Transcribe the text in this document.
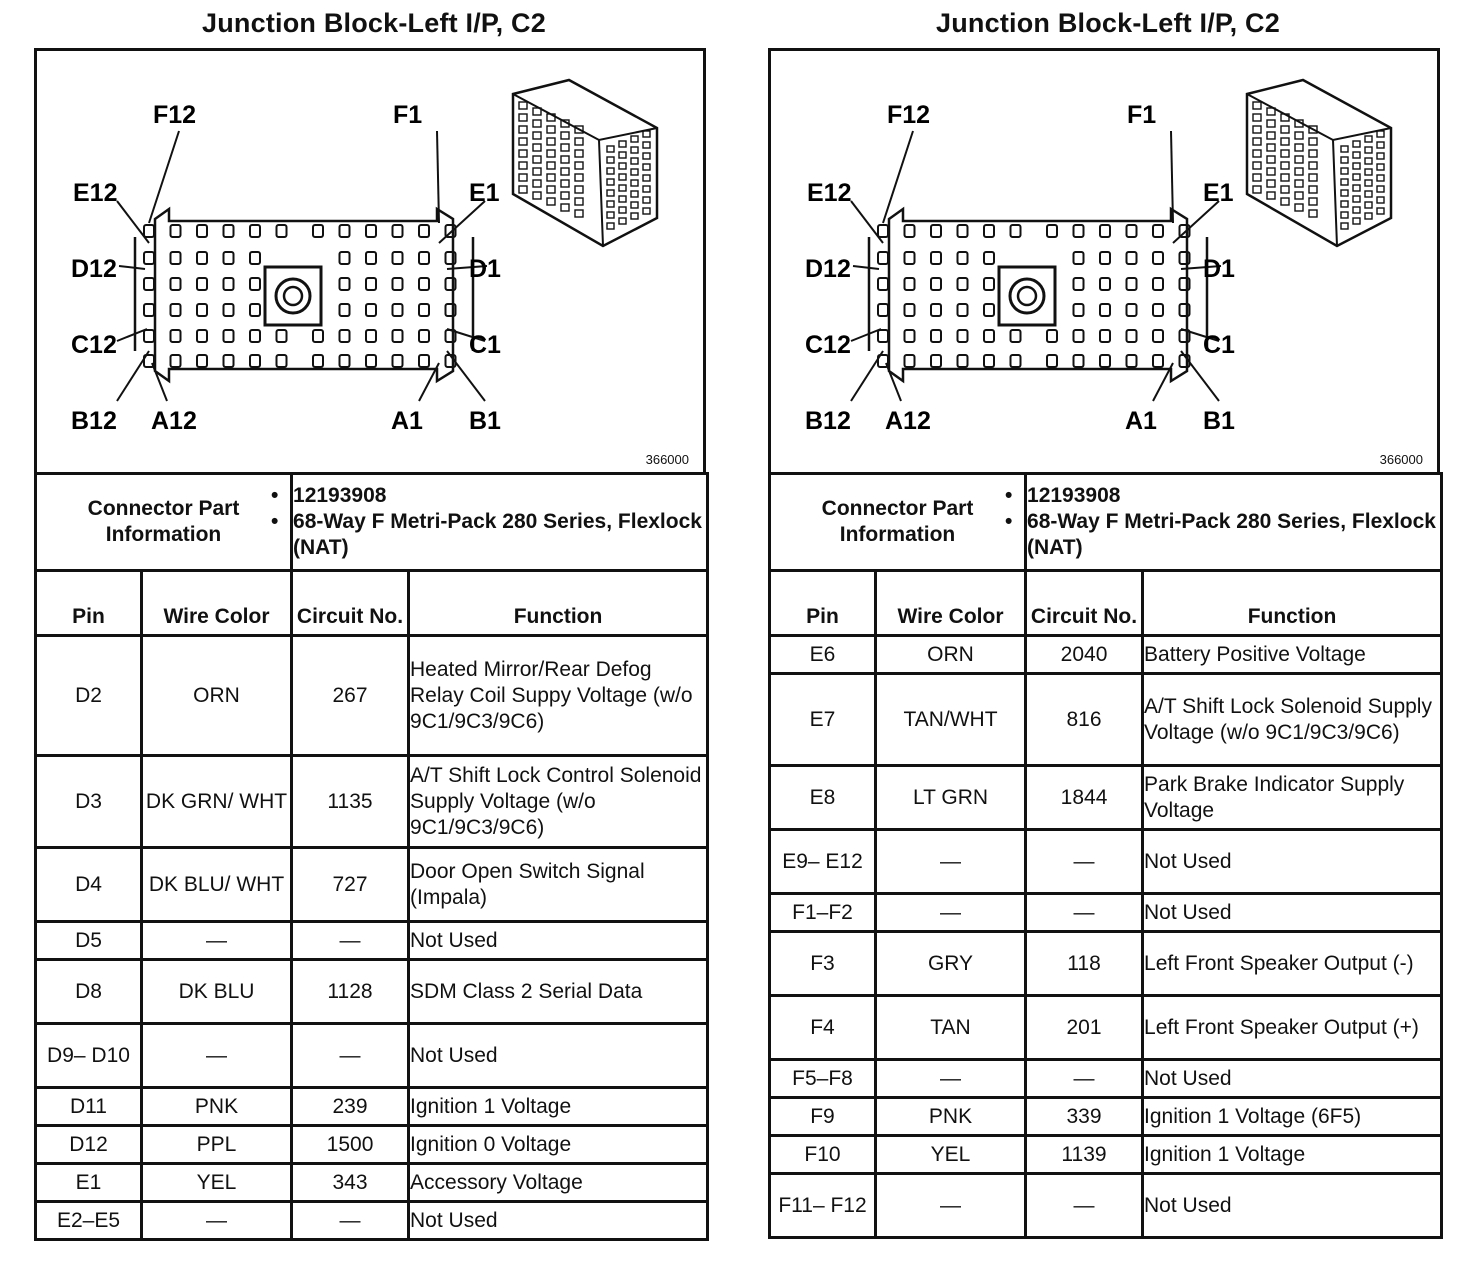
Junction Block-Left I/P, C2
F12	F1
E12	E1
D12	D1
C12	C1
B12 A12	A1 B1
366000
Connector Part Information		• 12193908
• 68-Way F Metri-Pack 280 Series, Flexlock (NAT)

Pin	Wire Color	Circuit No.	Function
D2	ORN	267	Heated Mirror/Rear Defog Relay Coil Suppy Voltage (w/o 9C1/9C3/9C6)
D3	DK GRN/ WHT	1135	A/T Shift Lock Control Solenoid Supply Voltage (w/o 9C1/9C3/9C6)
D4	DK BLU/ WHT	727	Door Open Switch Signal (Impala)
D5	—	—	Not Used
D8	DK BLU	1128	SDM Class 2 Serial Data
D9– D10	—	—	Not Used
D11	PNK	239	Ignition 1 Voltage
D12	PPL	1500	Ignition 0 Voltage
E1	YEL	343	Accessory Voltage
E2–E5	—	—	Not Used
Junction Block-Left I/P, C2
F12	F1
E12	E1
D12	D1
C12	C1
B12 A12	A1 B1
366000
Connector Part Information		• 12193908
• 68-Way F Metri-Pack 280 Series, Flexlock (NAT)

Pin	Wire Color	Circuit No.	Function
E6	ORN	2040	Battery Positive Voltage
E7	TAN/WHT	816	A/T Shift Lock Solenoid Supply Voltage (w/o 9C1/9C3/9C6)
E8	LT GRN	1844	Park Brake Indicator Supply Voltage
E9– E12	—	—	Not Used
F1–F2	—	—	Not Used
F3	GRY	118	Left Front Speaker Output (-)
F4	TAN	201	Left Front Speaker Output (+)
F5–F8	—	—	Not Used
F9	PNK	339	Ignition 1 Voltage (6F5)
F10	YEL	1139	Ignition 1 Voltage
F11– F12	—	—	Not Used
